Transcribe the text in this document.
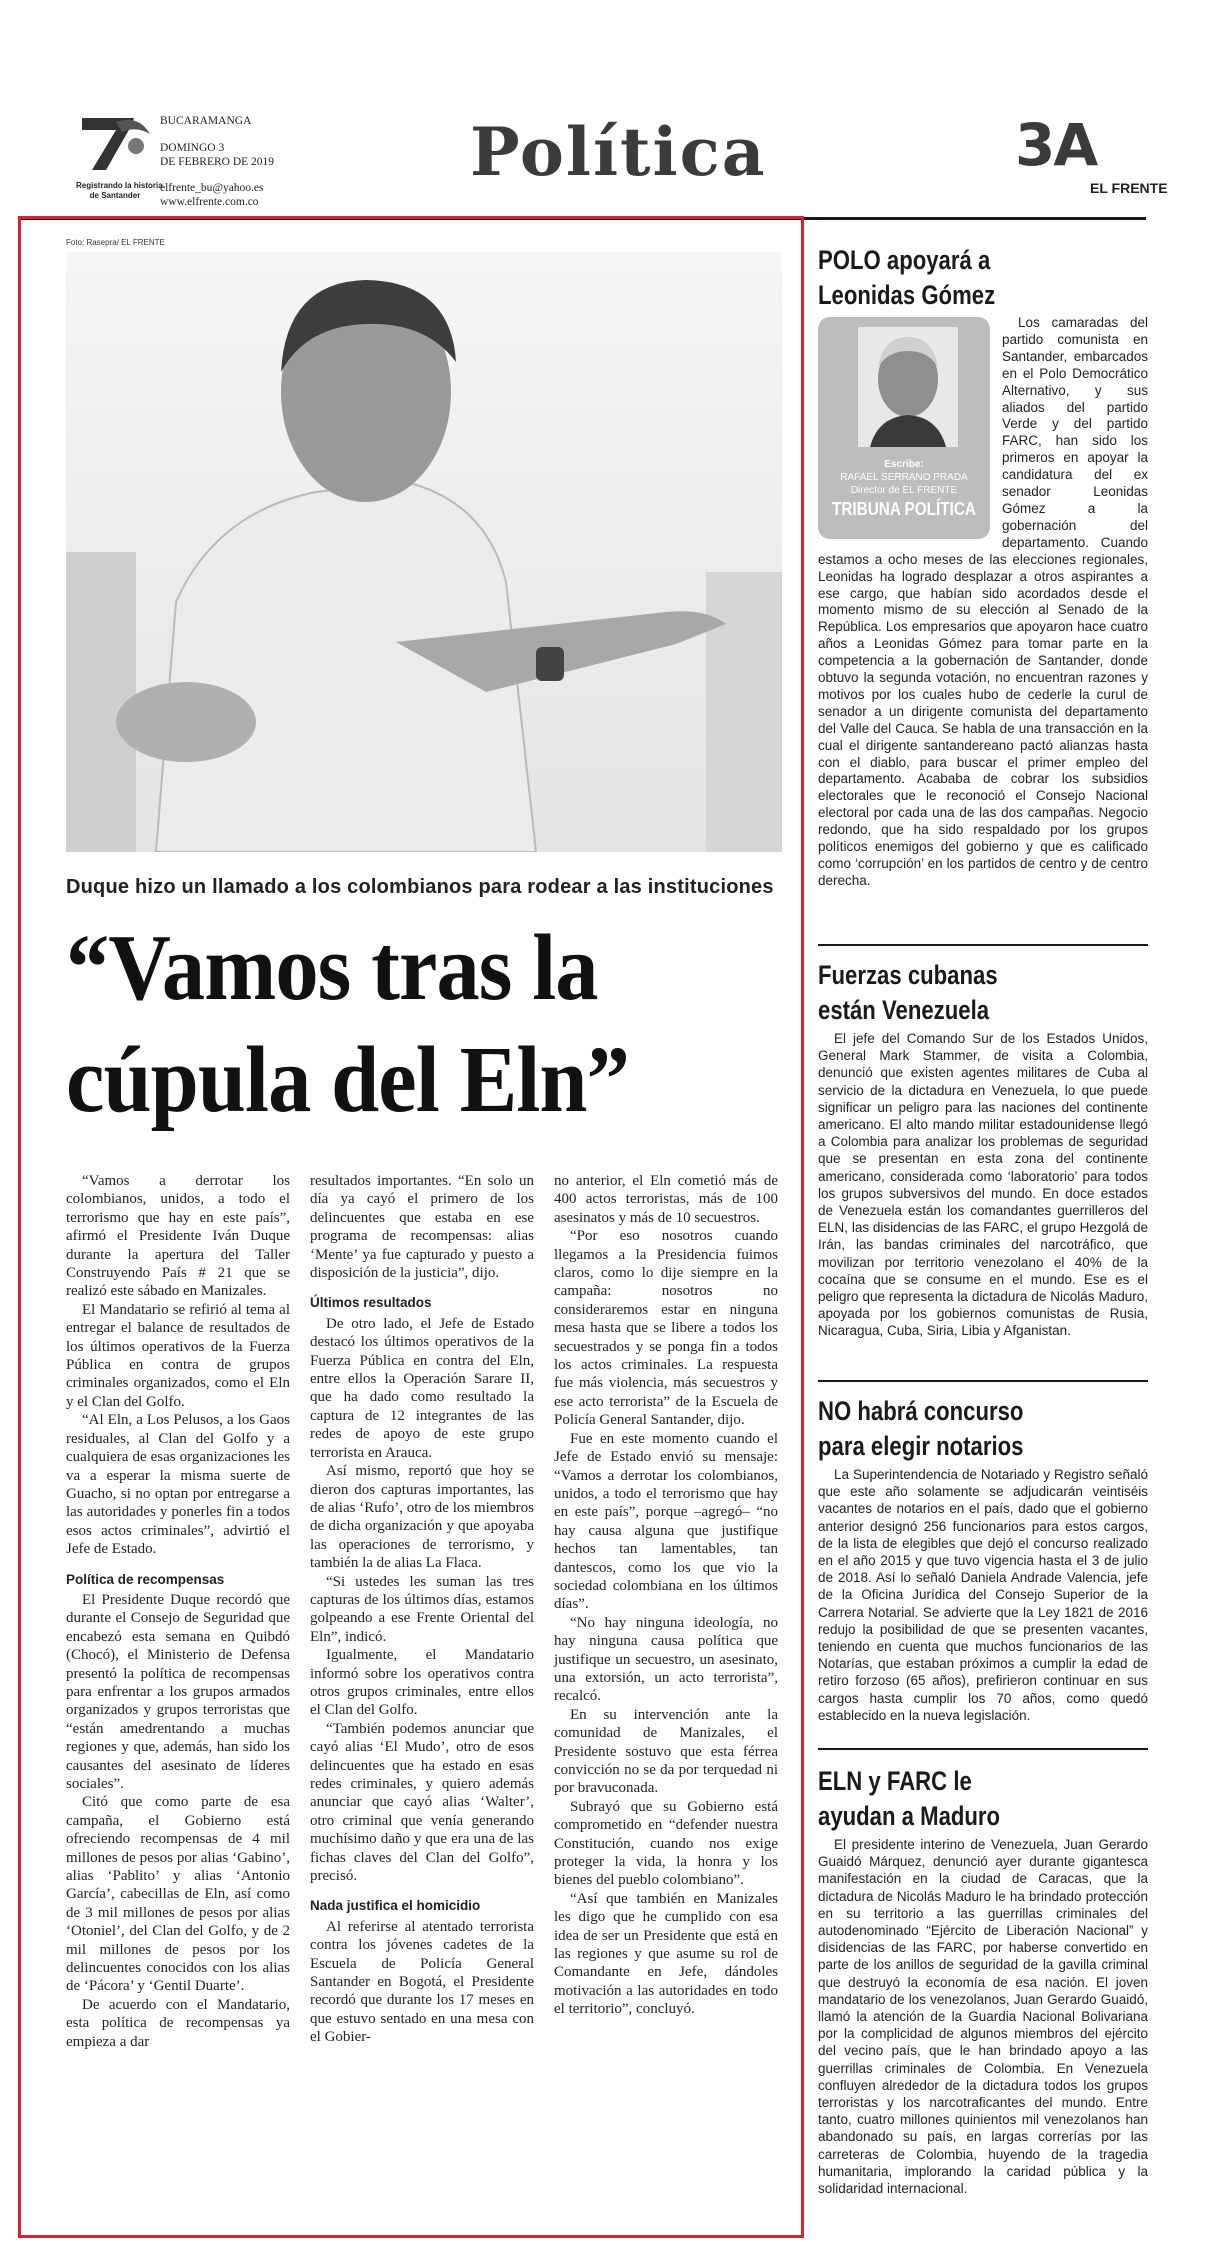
Registrando la historia
de Santander
BUCARAMANGA
DOMINGO 3
DE FEBRERO DE 2019
elfrente_bu@yahoo.es
www.elfrente.com.co
Política	3A
EL FRENTE
Foto: Rasepra/ EL FRENTE
Duque hizo un llamado a los colombianos para rodear a las instituciones
“Vamos tras la
cúpula del Eln”

“Vamos a derrotar los colombianos, unidos, a todo el terrorismo que hay en este país”, afirmó el Presidente Iván Duque durante la apertura del Taller Construyendo País # 21 que se realizó este sábado en Manizales.

El Mandatario se refirió al tema al entregar el balance de resultados de los últimos operativos de la Fuerza Pública en contra de grupos criminales organizados, como el Eln y el Clan del Golfo.

“Al Eln, a Los Pelusos, a los Gaos residuales, al Clan del Golfo y a cualquiera de esas organizaciones les va a esperar la misma suerte de Guacho, si no optan por entregarse a las autoridades y ponerles fin a todos esos actos criminales”, advirtió el Jefe de Estado.

Política de recompensas

El Presidente Duque recordó que durante el Consejo de Seguridad que encabezó esta semana en Quibdó (Chocó), el Ministerio de Defensa presentó la política de recompensas para enfrentar a los grupos armados organizados y grupos terroristas que “están amedrentando a muchas regiones y que, además, han sido los causantes del asesinato de líderes sociales”.

Citó que como parte de esa campaña, el Gobierno está ofreciendo recompensas de 4 mil millones de pesos por alias ‘Gabino’, alias ‘Pablito’ y alias ‘Antonio García’, cabecillas de Eln, así como de 3 mil millones de pesos por alias ‘Otoniel’, del Clan del Golfo, y de 2 mil millones de pesos por los delincuentes conocidos con los alias de ‘Pácora’ y ‘Gentil Duarte’.

De acuerdo con el Mandatario, esta política de recompensas ya empieza a dar

resultados importantes. “En solo un día ya cayó el primero de los delincuentes que estaba en ese programa de recompensas: alias ‘Mente’ ya fue capturado y puesto a disposición de la justicia”, dijo.

Últimos resultados

De otro lado, el Jefe de Estado destacó los últimos operativos de la Fuerza Pública en contra del Eln, entre ellos la Operación Sarare II, que ha dado como resultado la captura de 12 integrantes de las redes de apoyo de este grupo terrorista en Arauca.

Así mismo, reportó que hoy se dieron dos capturas importantes, las de alias ‘Rufo’, otro de los miembros de dicha organización y que apoyaba las operaciones de terrorismo, y también la de alias La Flaca.

“Si ustedes les suman las tres capturas de los últimos días, estamos golpeando a ese Frente Oriental del Eln”, indicó.

Igualmente, el Mandatario informó sobre los operativos contra otros grupos criminales, entre ellos el Clan del Golfo.

“También podemos anunciar que cayó alias ‘El Mudo’, otro de esos delincuentes que ha estado en esas redes criminales, y quiero además anunciar que cayó alias ‘Walter’, otro criminal que venía generando muchísimo daño y que era una de las fichas claves del Clan del Golfo”, precisó.

Nada justifica el homicidio

Al referirse al atentado terrorista contra los jóvenes cadetes de la Escuela de Policía General Santander en Bogotá, el Presidente recordó que durante los 17 meses en que estuvo sentado en una mesa con el Gobier-

no anterior, el Eln cometió más de 400 actos terroristas, más de 100 asesinatos y más de 10 secuestros.

“Por eso nosotros cuando llegamos a la Presidencia fuimos claros, como lo dije siempre en la campaña: nosotros no consideraremos estar en ninguna mesa hasta que se libere a todos los secuestrados y se ponga fin a todos los actos criminales. La respuesta fue más violencia, más secuestros y ese acto terrorista” de la Escuela de Policía General Santander, dijo.

Fue en este momento cuando el Jefe de Estado envió su mensaje: “Vamos a derrotar los colombianos, unidos, a todo el terrorismo que hay en este país”, porque –agregó– “no hay causa alguna que justifique hechos tan lamentables, tan dantescos, como los que vio la sociedad colombiana en los últimos días”.

“No hay ninguna ideología, no hay ninguna causa política que justifique un secuestro, un asesinato, una extorsión, un acto terrorista”, recalcó.

En su intervención ante la comunidad de Manizales, el Presidente sostuvo que esta férrea convicción no se da por terquedad ni por bravuconada.

Subrayó que su Gobierno está comprometido en “defender nuestra Constitución, cuando nos exige proteger la vida, la honra y los bienes del pueblo colombiano”.

“Así que también en Manizales les digo que he cumplido con esa idea de ser un Presidente que está en las regiones y que asume su rol de Comandante en Jefe, dándoles motivación a las autoridades en todo el territorio”, concluyó.

POLO apoyará a
Leonidas Gómez
Escribe:
RAFAEL SERRANO PRADA
Director de EL FRENTE
TRIBUNA POLÍTICA

Los camaradas del partido comunista en Santander, embarcados en el Polo Democrático Alternativo, y sus aliados del partido Verde y del partido FARC, han sido los primeros en apoyar la candidatura del ex senador Leonidas Gómez a la gobernación del departamento. Cuando estamos a ocho meses de las elecciones regionales, Leonidas ha logrado desplazar a otros aspirantes a ese cargo, que habían sido acordados desde el momento mismo de su elección al Senado de la República. Los empresarios que apoyaron hace cuatro años a Leonidas Gómez para tomar parte en la competencia a la gobernación de Santander, donde obtuvo la segunda votación, no encuentran razones y motivos por los cuales hubo de cederle la curul de senador a un dirigente comunista del departamento del Valle del Cauca. Se habla de una transacción en la cual el dirigente santandereano pactó alianzas hasta con el diablo, para buscar el primer empleo del departamento. Acababa de cobrar los subsidios electorales que le reconoció el Consejo Nacional electoral por cada una de las dos campañas. Negocio redondo, que ha sido respaldado por los grupos políticos enemigos del gobierno y que es calificado como ‘corrupción’ en los partidos de centro y de centro derecha.

Fuerzas cubanas
están Venezuela

El jefe del Comando Sur de los Estados Unidos, General Mark Stammer, de visita a Colombia, denunció que existen agentes militares de Cuba al servicio de la dictadura en Venezuela, lo que puede significar un peligro para las naciones del continente americano. El alto mando militar estadounidense llegó a Colombia para analizar los problemas de seguridad que se presentan en esta zona del continente americano, considerada como ‘laboratorio’ para todos los grupos subversivos del mundo. En doce estados de Venezuela están los comandantes guerrilleros del ELN, las disidencias de las FARC, el grupo Hezgolá de Irán, las bandas criminales del narcotráfico, que movilizan por territorio venezolano el 40% de la cocaína que se consume en el mundo. Ese es el peligro que representa la dictadura de Nicolás Maduro, apoyada por los gobiernos comunistas de Rusia, Nicaragua, Cuba, Siria, Libia y Afganistan.

NO habrá concurso
para elegir notarios

La Superintendencia de Notariado y Registro señaló que este año solamente se adjudicarán veintiséis vacantes de notarios en el país, dado que el gobierno anterior designó 256 funcionarios para estos cargos, de la lista de elegibles que dejó el concurso realizado en el año 2015 y que tuvo vigencia hasta el 3 de julio de 2018. Así lo señaló Daniela Andrade Valencia, jefe de la Oficina Jurídica del Consejo Superior de la Carrera Notarial. Se advierte que la Ley 1821 de 2016 redujo la posibilidad de que se presenten vacantes, teniendo en cuenta que muchos funcionarios de las Notarías, que estaban próximos a cumplir la edad de retiro forzoso (65 años), prefirieron continuar en sus cargos hasta cumplir los 70 años, como quedó establecido en la nueva legislación.

ELN y FARC le
ayudan a Maduro

El presidente interino de Venezuela, Juan Gerardo Guaidó Márquez, denunció ayer durante gigantesca manifestación en la ciudad de Caracas, que la dictadura de Nicolás Maduro le ha brindado protección en su territorio a las guerrillas criminales del autodenominado “Ejército de Liberación Nacional” y disidencias de las FARC, por haberse convertido en parte de los anillos de seguridad de la gavilla criminal que destruyó la economía de esa nación. El joven mandatario de los venezolanos, Juan Gerardo Guaidó, llamó la atención de la Guardia Nacional Bolivariana por la complicidad de algunos miembros del ejército del vecino país, que le han brindado apoyo a las guerrillas criminales de Colombia. En Venezuela confluyen alrededor de la dictadura todos los grupos terroristas y los narcotraficantes del mundo. Entre tanto, cuatro millones quinientos mil venezolanos han abandonado su país, en largas correrías por las carreteras de Colombia, huyendo de la tragedia humanitaria, implorando la caridad pública y la solidaridad internacional.
